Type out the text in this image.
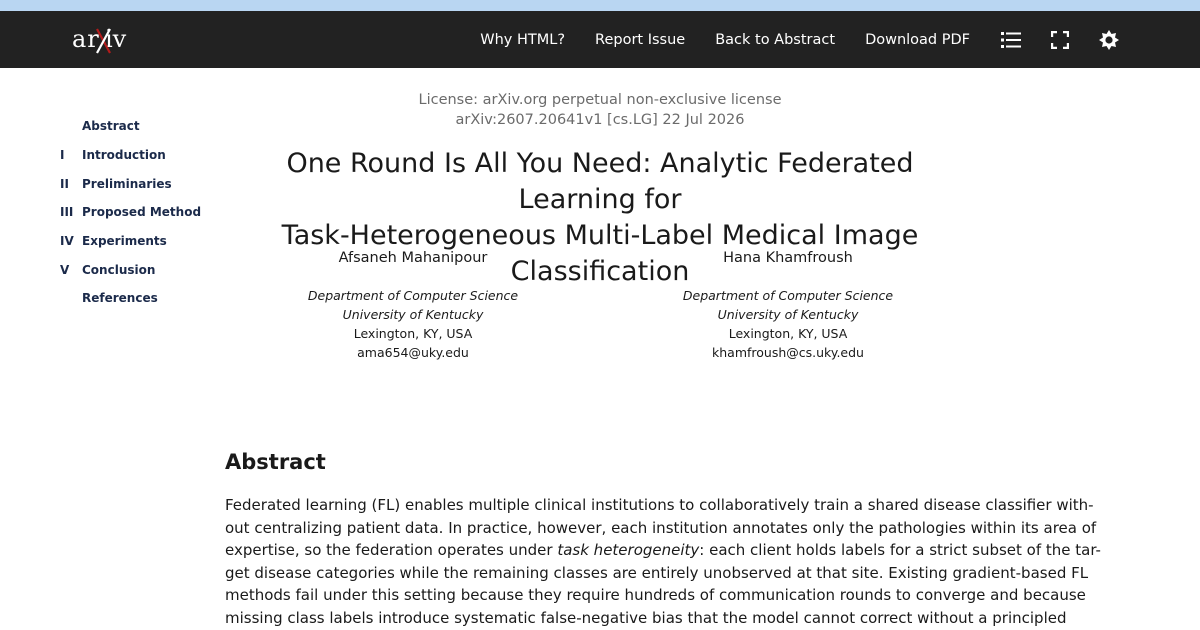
ar iv	Why HTML? Report Issue Back to Abstract Download PDF
Abstract
I	Introduction
II	Preliminaries
III Proposed Method
IV Experiments
V	Conclusion
References
License: arXiv.org perpetual non-exclusive license
arXiv:2607.20641v1 [cs.LG] 22 Jul 2026
One Round Is All You Need: Analytic Federated Learning for
Task-Heterogeneous Multi-Label Medical Image Classification
Afsaneh Mahanipour
Department of Computer Science
University of Kentucky
Lexington, KY, USA
ama654@uky.edu
Hana Khamfroush
Department of Computer Science
University of Kentucky
Lexington, KY, USA
khamfroush@cs.uky.edu
Abstract
Federated learning (FL) enables multiple clinical institutions to collaboratively train a shared disease classifier with-
out centralizing patient data. In practice, however, each institution annotates only the pathologies within its area of
expertise, so the federation operates under task heterogeneity: each client holds labels for a strict subset of the tar-
get disease categories while the remaining classes are entirely unobserved at that site. Existing gradient-based FL
methods fail under this setting because they require hundreds of communication rounds to converge and because
missing class labels introduce systematic false-negative bias that the model cannot correct without a principled
